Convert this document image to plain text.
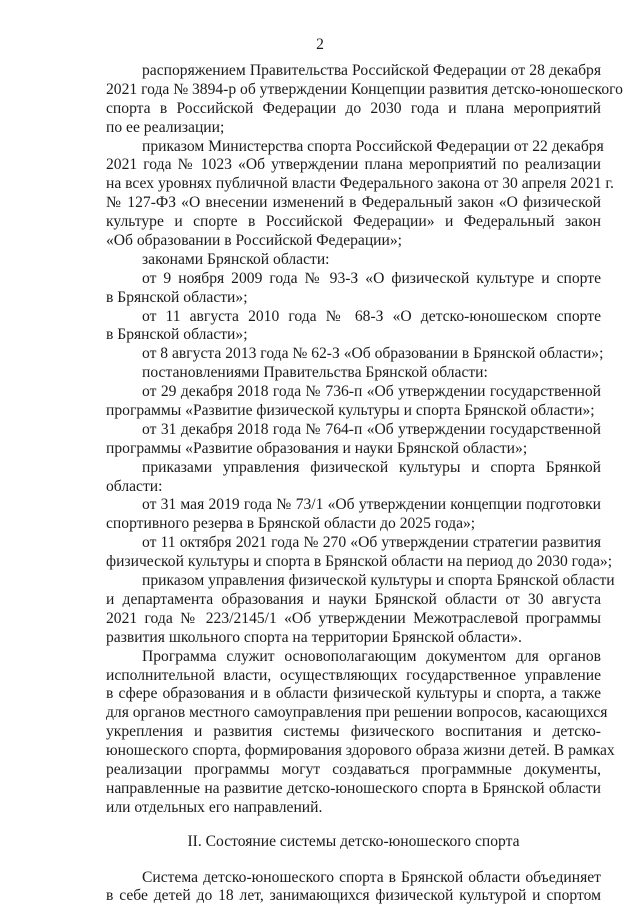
2
распоряжением Правительства Российской Федерации от 28 декабря
2021 года № 3894-р об утверждении Концепции развития детско-юношеского
спорта в Российской Федерации до 2030 года и плана мероприятий
по ее реализации;
приказом Министерства спорта Российской Федерации от 22 декабря
2021 года № 1023 «Об утверждении плана мероприятий по реализации
на всех уровнях публичной власти Федерального закона от 30 апреля 2021 г.
№ 127-ФЗ «О внесении изменений в Федеральный закон «О физической
культуре и спорте в Российской Федерации» и Федеральный закон
«Об образовании в Российской Федерации»;
законами Брянской области:
от 9 ноября 2009 года № 93-З «О физической культуре и спорте
в Брянской области»;
от 11 августа 2010 года № 68-З «О детско-юношеском спорте
в Брянской области»;
от 8 августа 2013 года № 62-З «Об образовании в Брянской области»;
постановлениями Правительства Брянской области:
от 29 декабря 2018 года № 736-п «Об утверждении государственной
программы «Развитие физической культуры и спорта Брянской области»;
от 31 декабря 2018 года № 764-п «Об утверждении государственной
программы «Развитие образования и науки Брянской области»;
приказами управления физической культуры и спорта Брянкой
области:
от 31 мая 2019 года № 73/1 «Об утверждении концепции подготовки
спортивного резерва в Брянской области до 2025 года»;
от 11 октября 2021 года № 270 «Об утверждении стратегии развития
физической культуры и спорта в Брянской области на период до 2030 года»;
приказом управления физической культуры и спорта Брянской области
и департамента образования и науки Брянской области от 30 августа
2021 года № 223/2145/1 «Об утверждении Межотраслевой программы
развития школьного спорта на территории Брянской области».
Программа служит основополагающим документом для органов
исполнительной власти, осуществляющих государственное управление
в сфере образования и в области физической культуры и спорта, а также
для органов местного самоуправления при решении вопросов, касающихся
укрепления и развития системы физического воспитания и детско-
юношеского спорта, формирования здорового образа жизни детей. В рамках
реализации программы могут создаваться программные документы,
направленные на развитие детско-юношеского спорта в Брянской области
или отдельных его направлений.
II. Состояние системы детско-юношеского спорта
Система детско-юношеского спорта в Брянской области объединяет
в себе детей до 18 лет, занимающихся физической культурой и спортом
